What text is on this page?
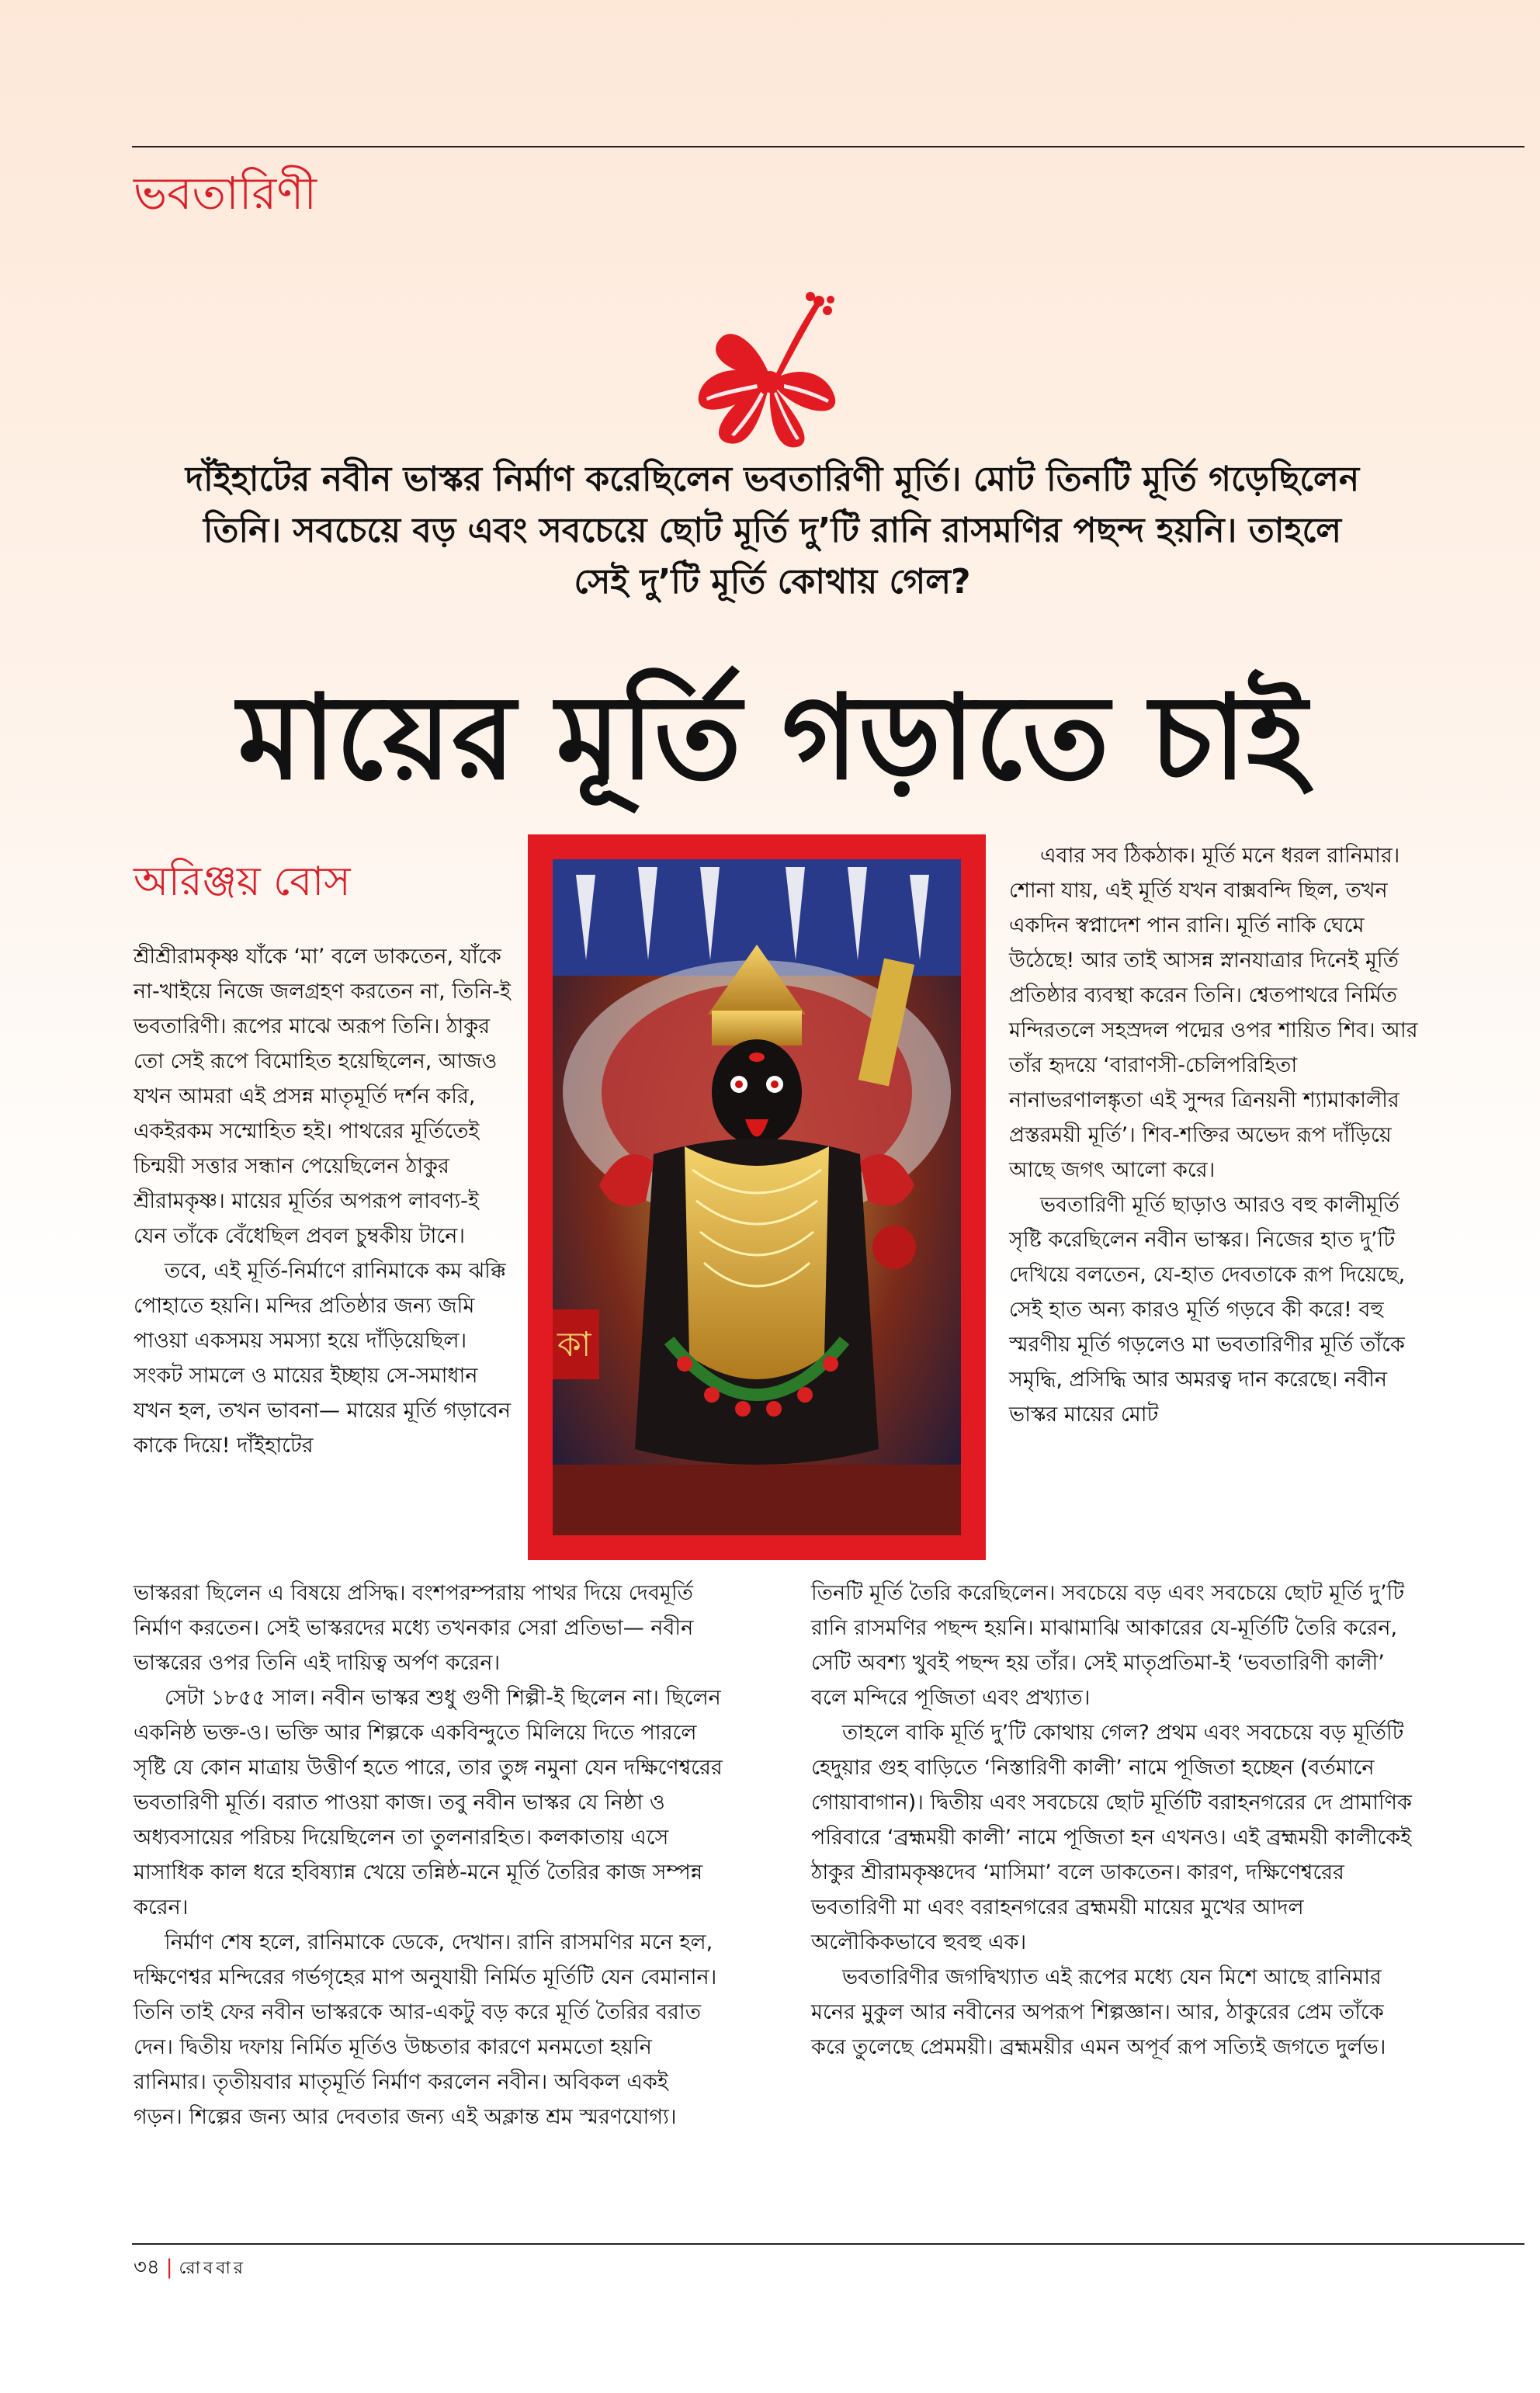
ভবতারিণী
দাঁইহাটের নবীন ভাস্কর নির্মাণ করেছিলেন ভবতারিণী মূর্তি। মোট তিনটি মূর্তি গড়েছিলেন তিনি। সবচেয়ে বড় এবং সবচেয়ে ছোট মূর্তি দু’টি রানি রাসমণির পছন্দ হয়নি। তাহলে সেই দু’টি মূর্তি কোথায় গেল?
মায়ের মূর্তি গড়াতে চাই
অরিঞ্জয় বোস

শ্রীশ্রীরামকৃষ্ণ যাঁকে ‘মা’ বলে ডাকতেন, যাঁকে না-খাইয়ে নিজে জলগ্রহণ করতেন না, তিনি-ই ভবতারিণী। রূপের মাঝে অরূপ তিনি। ঠাকুর তো সেই রূপে বিমোহিত হয়েছিলেন, আজও যখন আমরা এই প্রসন্ন মাতৃমূর্তি দর্শন করি, একইরকম সম্মোহিত হই। পাথরের মূর্তিতেই চিন্ময়ী সত্তার সন্ধান পেয়েছিলেন ঠাকুর শ্রীরামকৃষ্ণ। মায়ের মূর্তির অপরূপ লাবণ্য-ই যেন তাঁকে বেঁধেছিল প্রবল চুম্বকীয় টানে।

তবে, এই মূর্তি-নির্মাণে রানিমাকে কম ঝক্কি পোহাতে হয়নি। মন্দির প্রতিষ্ঠার জন্য জমি পাওয়া একসময় সমস্যা হয়ে দাঁড়িয়েছিল। সংকট সামলে ও মায়ের ইচ্ছায় সে-সমাধান যখন হল, তখন ভাবনা— মায়ের মূর্তি গড়াবেন কাকে দিয়ে! দাঁইহাটের

কা

এবার সব ঠিকঠাক। মূর্তি মনে ধরল রানিমার। শোনা যায়, এই মূর্তি যখন বাক্সবন্দি ছিল, তখন একদিন স্বপ্নাদেশ পান রানি। মূর্তি নাকি ঘেমে উঠেছে! আর তাই আসন্ন স্নানযাত্রার দিনেই মূর্তি প্রতিষ্ঠার ব্যবস্থা করেন তিনি। শ্বেতপাথরে নির্মিত মন্দিরতলে সহস্রদল পদ্মের ওপর শায়িত শিব। আর তাঁর হৃদয়ে ‘বারাণসী-চেলিপরিহিতা নানাভরণালঙ্কৃতা এই সুন্দর ত্রিনয়নী শ্যামাকালীর প্রস্তরময়ী মূর্তি’। শিব-শক্তির অভেদ রূপ দাঁড়িয়ে আছে জগৎ আলো করে।

ভবতারিণী মূর্তি ছাড়াও আরও বহু কালীমূর্তি সৃষ্টি করেছিলেন নবীন ভাস্কর। নিজের হাত দু’টি দেখিয়ে বলতেন, যে-হাত দেবতাকে রূপ দিয়েছে, সেই হাত অন্য কারও মূর্তি গড়বে কী করে! বহু স্মরণীয় মূর্তি গড়লেও মা ভবতারিণীর মূর্তি তাঁকে সমৃদ্ধি, প্রসিদ্ধি আর অমরত্ব দান করেছে। নবীন ভাস্কর মায়ের মোট

ভাস্কররা ছিলেন এ বিষয়ে প্রসিদ্ধ। বংশপরম্পরায় পাথর দিয়ে দেবমূর্তি নির্মাণ করতেন। সেই ভাস্করদের মধ্যে তখনকার সেরা প্রতিভা— নবীন ভাস্করের ওপর তিনি এই দায়িত্ব অর্পণ করেন।

সেটা ১৮৫৫ সাল। নবীন ভাস্কর শুধু গুণী শিল্পী-ই ছিলেন না। ছিলেন একনিষ্ঠ ভক্ত-ও। ভক্তি আর শিল্পকে একবিন্দুতে মিলিয়ে দিতে পারলে সৃষ্টি যে কোন মাত্রায় উত্তীর্ণ হতে পারে, তার তুঙ্গ নমুনা যেন দক্ষিণেশ্বরের ভবতারিণী মূর্তি। বরাত পাওয়া কাজ। তবু নবীন ভাস্কর যে নিষ্ঠা ও অধ্যবসায়ের পরিচয় দিয়েছিলেন তা তুলনারহিত। কলকাতায় এসে মাসাধিক কাল ধরে হবিষ্যান্ন খেয়ে তন্নিষ্ঠ-মনে মূর্তি তৈরির কাজ সম্পন্ন করেন।

নির্মাণ শেষ হলে, রানিমাকে ডেকে, দেখান। রানি রাসমণির মনে হল, দক্ষিণেশ্বর মন্দিরের গর্ভগৃহের মাপ অনুযায়ী নির্মিত মূর্তিটি যেন বেমানান। তিনি তাই ফের নবীন ভাস্করকে আর-একটু বড় করে মূর্তি তৈরির বরাত দেন। দ্বিতীয় দফায় নির্মিত মূর্তিও উচ্চতার কারণে মনমতো হয়নি রানিমার। তৃতীয়বার মাতৃমূর্তি নির্মাণ করলেন নবীন। অবিকল একই গড়ন। শিল্পের জন্য আর দেবতার জন্য এই অক্লান্ত শ্রম স্মরণযোগ্য।

তিনটি মূর্তি তৈরি করেছিলেন। সবচেয়ে বড় এবং সবচেয়ে ছোট মূর্তি দু’টি রানি রাসমণির পছন্দ হয়নি। মাঝামাঝি আকারের যে-মূর্তিটি তৈরি করেন, সেটি অবশ্য খুবই পছন্দ হয় তাঁর। সেই মাতৃপ্রতিমা-ই ‘ভবতারিণী কালী’ বলে মন্দিরে পূজিতা এবং প্রখ্যাত।

তাহলে বাকি মূর্তি দু’টি কোথায় গেল? প্রথম এবং সবচেয়ে বড় মূর্তিটি হেদুয়ার গুহ বাড়িতে ‘নিস্তারিণী কালী’ নামে পূজিতা হচ্ছেন (বর্তমানে গোয়াবাগান)। দ্বিতীয় এবং সবচেয়ে ছোট মূর্তিটি বরাহনগরের দে প্রামাণিক পরিবারে ‘ব্রহ্মময়ী কালী’ নামে পূজিতা হন এখনও। এই ব্রহ্মময়ী কালীকেই ঠাকুর শ্রীরামকৃষ্ণদেব ‘মাসিমা’ বলে ডাকতেন। কারণ, দক্ষিণেশ্বরের ভবতারিণী মা এবং বরাহনগরের ব্রহ্মময়ী মায়ের মুখের আদল অলৌকিকভাবে হুবহু এক।

ভবতারিণীর জগদ্বিখ্যাত এই রূপের মধ্যে যেন মিশে আছে রানিমার মনের মুকুল আর নবীনের অপরূপ শিল্পজ্ঞান। আর, ঠাকুরের প্রেম তাঁকে করে তুলেছে প্রেমময়ী। ব্রহ্মময়ীর এমন অপূর্ব রূপ সত্যিই জগতে দুর্লভ।

৩৪ | রোববার
